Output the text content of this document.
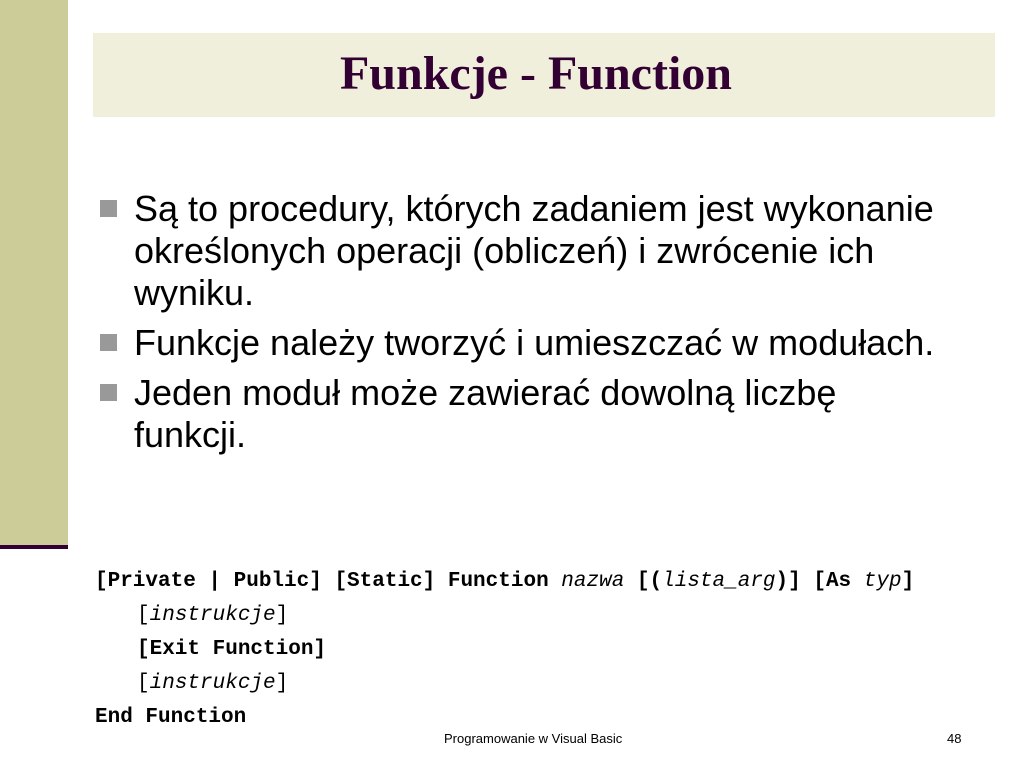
Funkcje - Function
Są to procedury, których zadaniem jest wykonanie określonych operacji (obliczeń) i zwrócenie ich wyniku.
Funkcje należy tworzyć i umieszczać w modułach.
Jeden moduł może zawierać dowolną liczbę funkcji.
[Private | Public] [Static] Function nazwa [(lista_arg)] [As typ]
[instrukcje]
[Exit Function]
[instrukcje]
End Function
Programowanie w Visual Basic	48
